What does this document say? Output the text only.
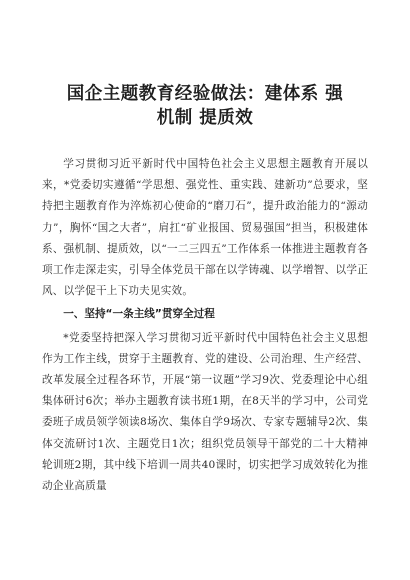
国企主题教育经验做法：建体系 强
机制 提质效

学习贯彻习近平新时代中国特色社会主义思想主题教育开展以来，*党委切实遵循“学思想、强党性、重实践、建新功”总要求，坚持把主题教育作为淬炼初心使命的“磨刀石”，提升政治能力的“源动力”，胸怀“国之大者”，肩扛“矿业报国、贸易强国”担当，积极建体系、强机制、提质效，以“一二三四五”工作体系一体推进主题教育各项工作走深走实，引导全体党员干部在以学铸魂、以学增智、以学正风、以学促干上下功夫见实效。

一、坚持“一条主线”贯穿全过程

*党委坚持把深入学习贯彻习近平新时代中国特色社会主义思想作为工作主线，贯穿于主题教育、党的建设、公司治理、生产经营、改革发展全过程各环节，开展“第一议题”学习9次、党委理论中心组集体研讨6次；举办主题教育读书班1期，在8天半的学习中，公司党委班子成员领学领读8场次、集体自学9场次、专家专题辅导2次、集体交流研讨1次、主题党日1次；组织党员领导干部党的二十大精神轮训班2期，其中线下培训一周共40课时，切实把学习成效转化为推动企业高质量
